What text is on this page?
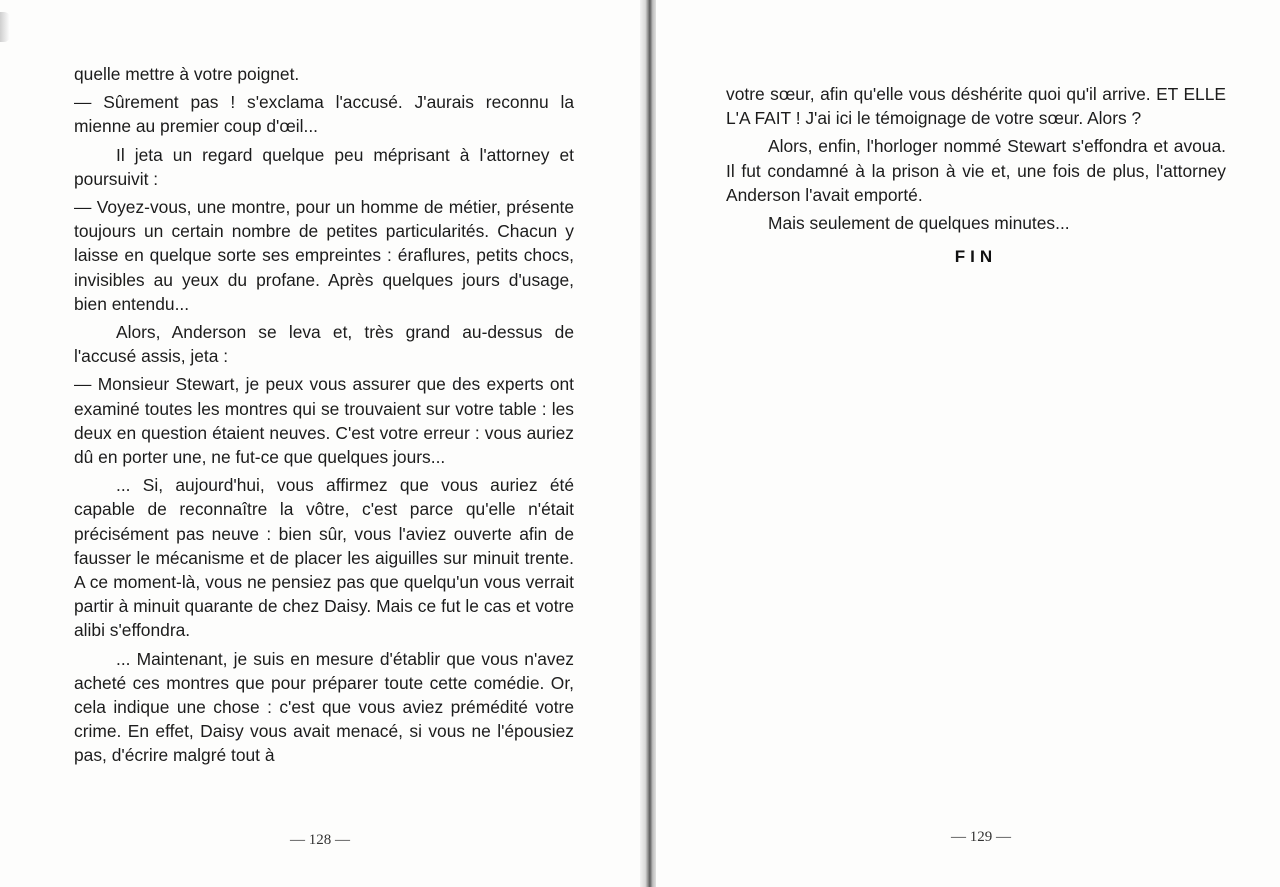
quelle mettre à votre poignet.

— Sûrement pas ! s'exclama l'accusé. J'aurais reconnu la mienne au premier coup d'œil...

Il jeta un regard quelque peu méprisant à l'attorney et poursuivit :

— Voyez-vous, une montre, pour un homme de métier, présente toujours un certain nombre de petites particularités. Chacun y laisse en quelque sorte ses empreintes : éraflures, petits chocs, invisibles au yeux du profane. Après quelques jours d'usage, bien entendu...

Alors, Anderson se leva et, très grand au-dessus de l'accusé assis, jeta :

— Monsieur Stewart, je peux vous assurer que des experts ont examiné toutes les montres qui se trouvaient sur votre table : les deux en question étaient neuves. C'est votre erreur : vous auriez dû en porter une, ne fut-ce que quelques jours...

... Si, aujourd'hui, vous affirmez que vous auriez été capable de reconnaître la vôtre, c'est parce qu'elle n'était précisément pas neuve : bien sûr, vous l'aviez ouverte afin de fausser le mécanisme et de placer les aiguilles sur minuit trente. A ce moment-là, vous ne pensiez pas que quelqu'un vous verrait partir à minuit quarante de chez Daisy. Mais ce fut le cas et votre alibi s'effondra.

... Maintenant, je suis en mesure d'établir que vous n'avez acheté ces montres que pour préparer toute cette comédie. Or, cela indique une chose : c'est que vous aviez prémédité votre crime. En effet, Daisy vous avait menacé, si vous ne l'épousiez pas, d'écrire malgré tout à

— 128 —

votre sœur, afin qu'elle vous déshérite quoi qu'il arrive. ET ELLE L'A FAIT ! J'ai ici le témoignage de votre sœur. Alors ?

Alors, enfin, l'horloger nommé Stewart s'effondra et avoua. Il fut condamné à la prison à vie et, une fois de plus, l'attorney Anderson l'avait emporté.

Mais seulement de quelques minutes...

FIN
— 129 —
